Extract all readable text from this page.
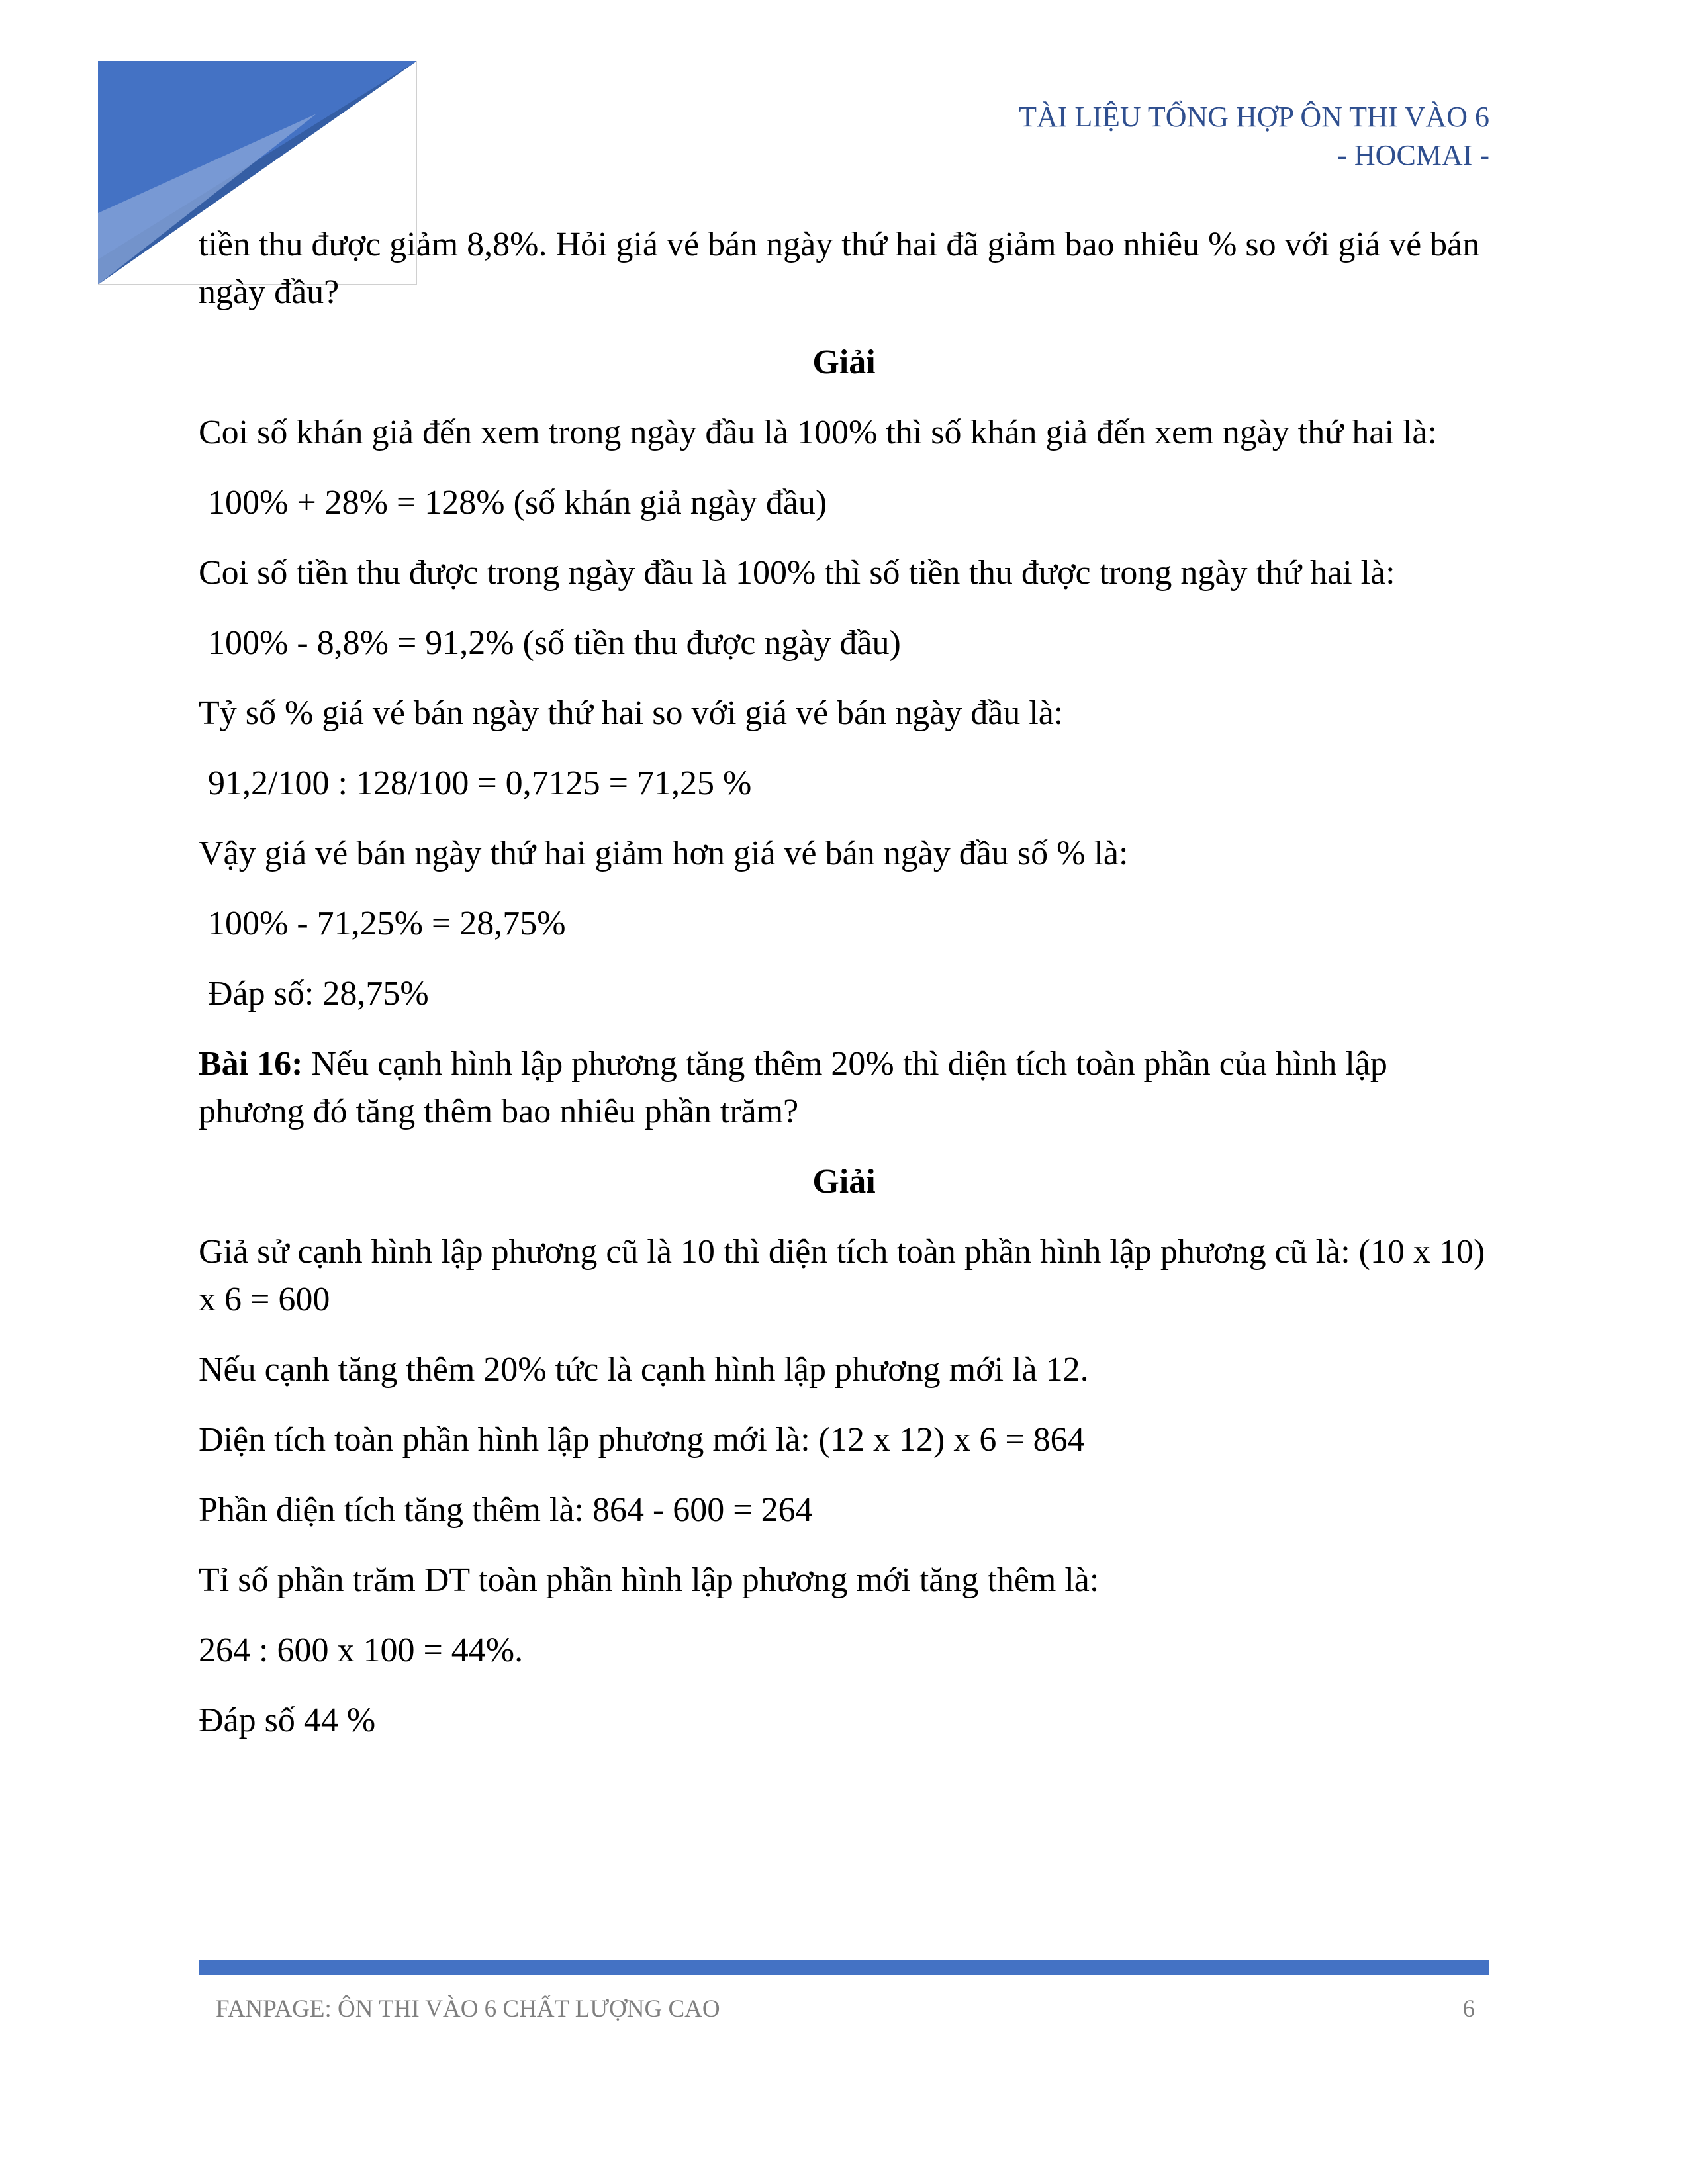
TÀI LIỆU TỔNG HỢP ÔN THI VÀO 6
- HOCMAI -

tiền thu được giảm 8,8%. Hỏi giá vé bán ngày thứ hai đã giảm bao nhiêu % so với giá vé bán ngày đầu?

Giải

Coi số khán giả đến xem trong ngày đầu là 100% thì số khán giả đến xem ngày thứ hai là:

100% + 28% = 128% (số khán giả ngày đầu)

Coi số tiền thu được trong ngày đầu là 100% thì số tiền thu được trong ngày thứ hai là:

100% - 8,8% = 91,2% (số tiền thu được ngày đầu)

Tỷ số % giá vé bán ngày thứ hai so với giá vé bán ngày đầu là:

91,2/100 : 128/100 = 0,7125 = 71,25 %

Vậy giá vé bán ngày thứ hai giảm hơn giá vé bán ngày đầu số % là:

100% - 71,25% = 28,75%

Đáp số: 28,75%

Bài 16: Nếu cạnh hình lập phương tăng thêm 20% thì diện tích toàn phần của hình lập phương đó tăng thêm bao nhiêu phần trăm?

Giải

Giả sử cạnh hình lập phương cũ là 10 thì diện tích toàn phần hình lập phương cũ là: (10 x 10) x 6 = 600

Nếu cạnh tăng thêm 20% tức là cạnh hình lập phương mới là 12.

Diện tích toàn phần hình lập phương mới là: (12 x 12) x 6 = 864

Phần diện tích tăng thêm là: 864 - 600 = 264

Tỉ số phần trăm DT toàn phần hình lập phương mới tăng thêm là:

264 : 600 x 100 = 44%.

Đáp số 44 %

FANPAGE: ÔN THI VÀO 6 CHẤT LƯỢNG CAO	6
